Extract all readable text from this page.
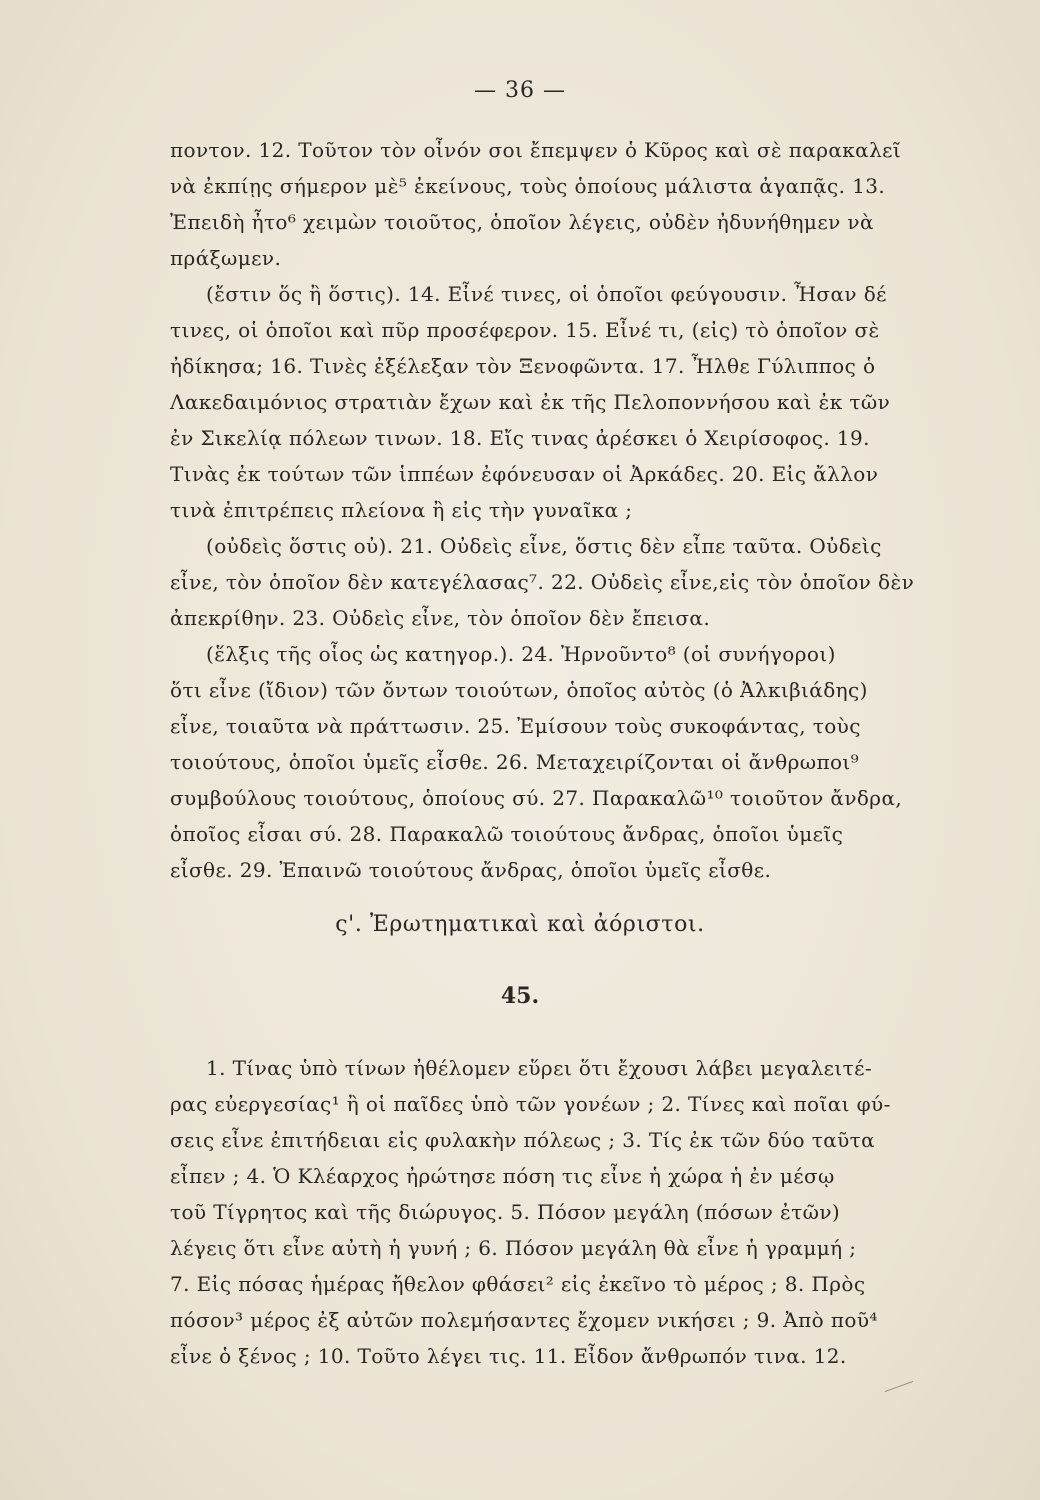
— 36 —
ποντον. 12. Τοῦτον τὸν οἶνόν σοι ἔπεμψεν ὁ Κῦρος καὶ σὲ παρακαλεῖ
νὰ ἐκπίῃς σήμερον μὲ⁵ ἐκείνους, τοὺς ὁποίους μάλιστα ἀγαπᾷς. 13.
Ἐπειδὴ ἦτο⁶ χειμὼν τοιοῦτος, ὁποῖον λέγεις, οὐδὲν ἠδυνήθημεν νὰ
πράξωμεν.
(ἔστιν ὅς ἢ ὅστις). 14. Εἶνέ τινες, οἱ ὁποῖοι φεύγουσιν. Ἦσαν δέ
τινες, οἱ ὁποῖοι καὶ πῦρ προσέφερον. 15. Εἶνέ τι, (εἰς) τὸ ὁποῖον σὲ
ἠδίκησα; 16. Τινὲς ἐξέλεξαν τὸν Ξενοφῶντα. 17. Ἦλθε Γύλιππος ὁ
Λακεδαιμόνιος στρατιὰν ἔχων καὶ ἐκ τῆς Πελοποννήσου καὶ ἐκ τῶν
ἐν Σικελίᾳ πόλεων τινων. 18. Εἴς τινας ἀρέσκει ὁ Χειρίσοφος. 19.
Τινὰς ἐκ τούτων τῶν ἱππέων ἐφόνευσαν οἱ Ἀρκάδες. 20. Εἰς ἄλλον
τινὰ ἐπιτρέπεις πλείονα ἢ εἰς τὴν γυναῖκα ;
(οὐδεὶς ὅστις οὐ). 21. Οὐδεὶς εἶνε, ὅστις δὲν εἶπε ταῦτα. Οὐδεὶς
εἶνε, τὸν ὁποῖον δὲν κατεγέλασας⁷. 22. Οὐδεὶς εἶνε,εἰς τὸν ὁποῖον δὲν
ἀπεκρίθην. 23. Οὐδεὶς εἶνε, τὸν ὁποῖον δὲν ἔπεισα.
(ἕλξις τῆς οἷος ὡς κατηγορ.). 24. Ἠρνοῦντο⁸ (οἱ συνήγοροι)
ὅτι εἶνε (ἴδιον) τῶν ὄντων τοιούτων, ὁποῖος αὐτὸς (ὁ Ἀλκιβιάδης)
εἶνε, τοιαῦτα νὰ πράττωσιν. 25. Ἐμίσουν τοὺς συκοφάντας, τοὺς
τοιούτους, ὁποῖοι ὑμεῖς εἶσθε. 26. Μεταχειρίζονται οἱ ἄνθρωποι⁹
συμβούλους τοιούτους, ὁποίους σύ. 27. Παρακαλῶ¹⁰ τοιοῦτον ἄνδρα,
ὁποῖος εἶσαι σύ. 28. Παρακαλῶ τοιούτους ἄνδρας, ὁποῖοι ὑμεῖς
εἶσθε. 29. Ἐπαινῶ τοιούτους ἄνδρας, ὁποῖοι ὑμεῖς εἶσθε.
ς'. Ἐρωτηματικαὶ καὶ ἀόριστοι.
45.
1. Τίνας ὑπὸ τίνων ἠθέλομεν εὕρει ὅτι ἔχουσι λάβει μεγαλειτέ-
ρας εὐεργεσίας¹ ἢ οἱ παῖδες ὑπὸ τῶν γονέων ; 2. Τίνες καὶ ποῖαι φύ-
σεις εἶνε ἐπιτήδειαι εἰς φυλακὴν πόλεως ; 3. Τίς ἐκ τῶν δύο ταῦτα
εἶπεν ; 4. Ὁ Κλέαρχος ἠρώτησε πόση τις εἶνε ἡ χώρα ἡ ἐν μέσῳ
τοῦ Τίγρητος καὶ τῆς διώρυγος. 5. Πόσον μεγάλη (πόσων ἐτῶν)
λέγεις ὅτι εἶνε αὐτὴ ἡ γυνή ; 6. Πόσον μεγάλη θὰ εἶνε ἡ γραμμή ;
7. Εἰς πόσας ἡμέρας ἤθελον φθάσει² εἰς ἐκεῖνο τὸ μέρος ; 8. Πρὸς
πόσον³ μέρος ἐξ αὐτῶν πολεμήσαντες ἔχομεν νικήσει ; 9. Ἀπὸ ποῦ⁴
εἶνε ὁ ξένος ; 10. Τοῦτο λέγει τις. 11. Εἶδον ἄνθρωπόν τινα. 12.
